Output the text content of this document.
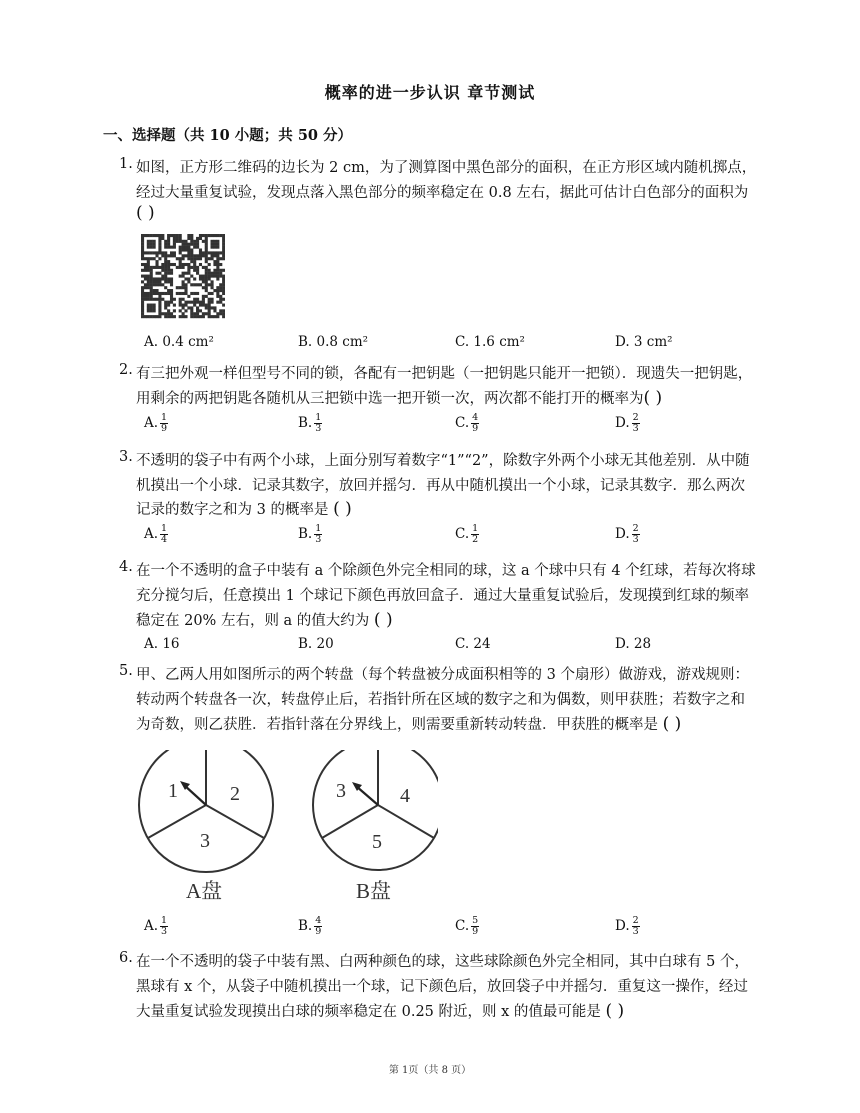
概率的进一步认识 章节测试
一、选择题（共 10 小题；共 50 分）
1. 如图，正方形二维码的边长为 2 cm，为了测算图中黑色部分的面积，在正方形区域内随机掷点，
经过大量重复试验，发现点落入黑色部分的频率稳定在 0.8 左右，据此可估计白色部分的面积为
( )
A. 0.4 cm²	B. 0.8 cm²	C. 1.6 cm²	D. 3 cm²
2. 有三把外观一样但型号不同的锁，各配有一把钥匙（一把钥匙只能开一把锁）．现遗失一把钥匙，
用剩余的两把钥匙各随机从三把锁中选一把开锁一次，两次都不能打开的概率为( )
A. $\frac{1}{9}$	B. $\frac{1}{3}$	C. $\frac{4}{9}$	D. $\frac{2}{3}$
3. 不透明的袋子中有两个小球，上面分别写着数字“1”“2”，除数字外两个小球无其他差别．从中随
机摸出一个小球．记录其数字，放回并摇匀．再从中随机摸出一个小球，记录其数字．那么两次
记录的数字之和为 3 的概率是 ( )
A. $\frac{1}{4}$	B. $\frac{1}{3}$	C. $\frac{1}{2}$	D. $\frac{2}{3}$
4. 在一个不透明的盒子中装有 a 个除颜色外完全相同的球，这 a 个球中只有 4 个红球，若每次将球
充分搅匀后，任意摸出 1 个球记下颜色再放回盒子．通过大量重复试验后，发现摸到红球的频率
稳定在 20% 左右，则 a 的值大约为 ( )
A. 16	B. 20	C. 24	D. 28
5. 甲、乙两人用如图所示的两个转盘（每个转盘被分成面积相等的 3 个扇形）做游戏，游戏规则：
转动两个转盘各一次，转盘停止后，若指针所在区域的数字之和为偶数，则甲获胜；若数字之和
为奇数，则乙获胜．若指针落在分界线上，则需要重新转动转盘．甲获胜的概率是 ( )
1	2
3
A盘
3	4
5
B盘
A. $\frac{1}{3}$	B. $\frac{4}{9}$	C. $\frac{5}{9}$	D. $\frac{2}{3}$
6. 在一个不透明的袋子中装有黑、白两种颜色的球，这些球除颜色外完全相同，其中白球有 5 个，
黑球有 x 个，从袋子中随机摸出一个球，记下颜色后，放回袋子中并摇匀．重复这一操作，经过
大量重复试验发现摸出白球的频率稳定在 0.25 附近，则 x 的值最可能是 ( )
第 1页（共 8 页）
